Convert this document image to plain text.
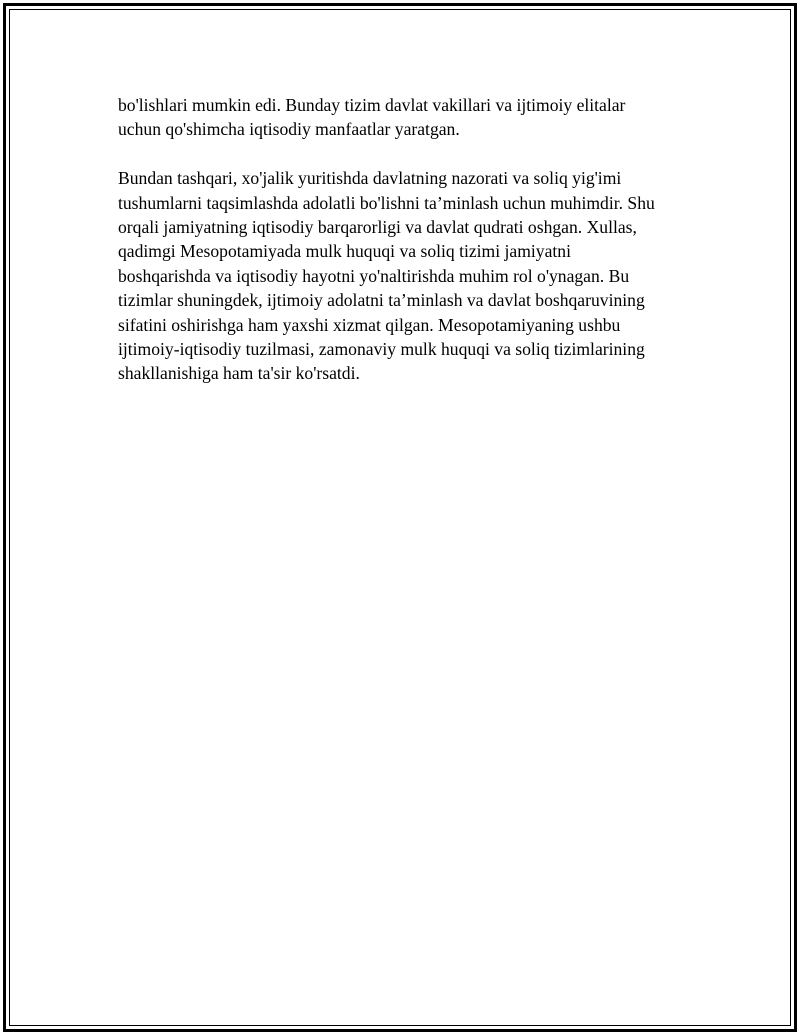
bo'lishlari mumkin edi. Bunday tizim davlat vakillari va ijtimoiy elitalar
uchun qo'shimcha iqtisodiy manfaatlar yaratgan.

Bundan tashqari, xo'jalik yuritishda davlatning nazorati va soliq yig'imi
tushumlarni taqsimlashda adolatli bo'lishni ta’minlash uchun muhimdir. Shu
orqali jamiyatning iqtisodiy barqarorligi va davlat qudrati oshgan. Xullas,
qadimgi Mesopotamiyada mulk huquqi va soliq tizimi jamiyatni
boshqarishda va iqtisodiy hayotni yo'naltirishda muhim rol o'ynagan. Bu
tizimlar shuningdek, ijtimoiy adolatni ta’minlash va davlat boshqaruvining
sifatini oshirishga ham yaxshi xizmat qilgan. Mesopotamiyaning ushbu
ijtimoiy-iqtisodiy tuzilmasi, zamonaviy mulk huquqi va soliq tizimlarining
shakllanishiga ham ta'sir ko'rsatdi.
